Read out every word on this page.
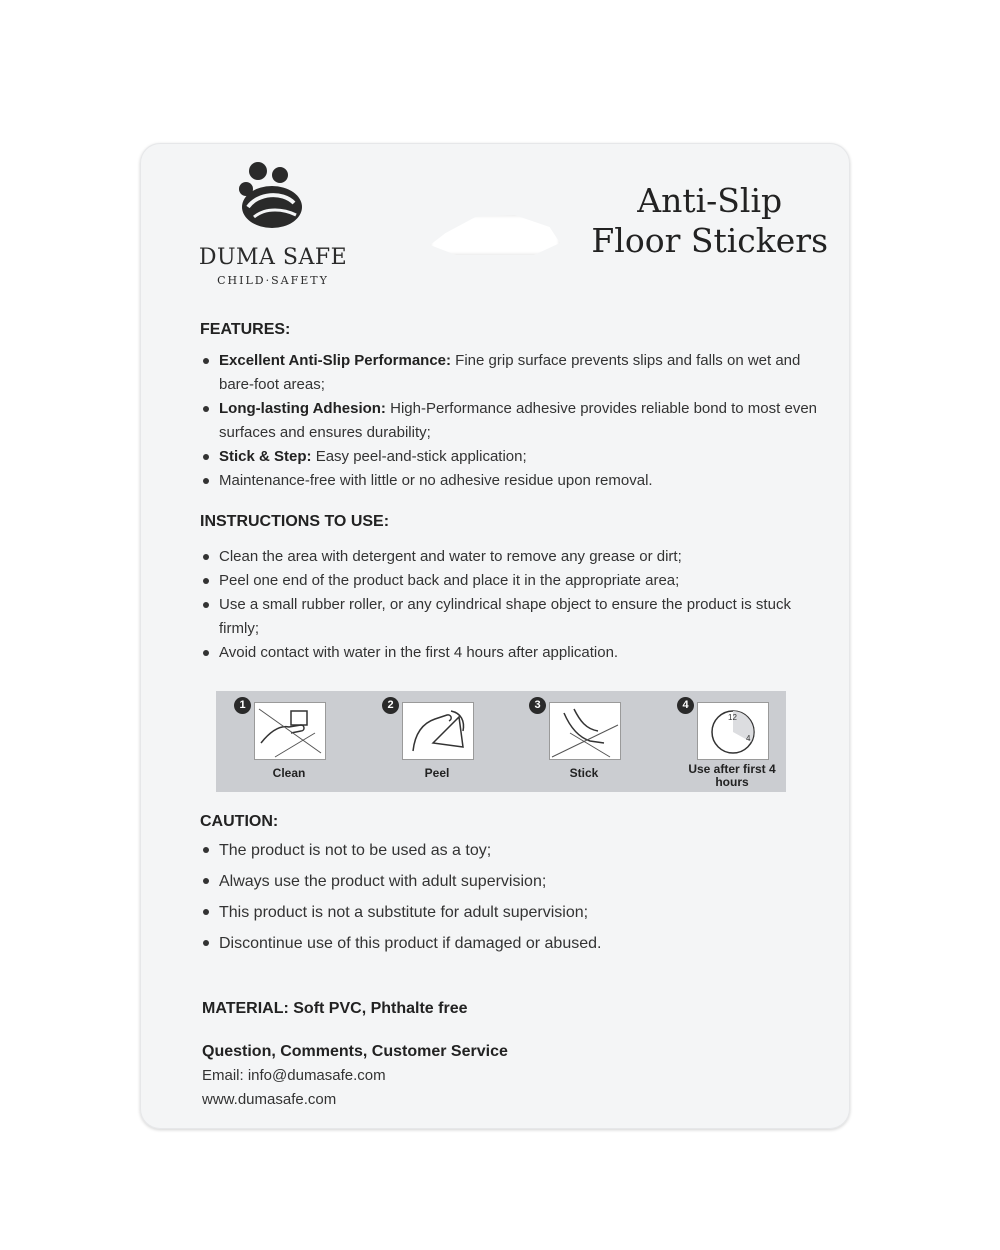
DUMA SAFE
CHILD·SAFETY
Anti-Slip
Floor Stickers
FEATURES:
Excellent Anti-Slip Performance: Fine grip surface prevents slips and falls on wet and bare-foot areas;
Long-lasting Adhesion: High-Performance adhesive provides reliable bond to most even surfaces and ensures durability;
Stick & Step: Easy peel-and-stick application;
Maintenance-free with little or no adhesive residue upon removal.
INSTRUCTIONS TO USE:
Clean the area with detergent and water to remove any grease or dirt;
Peel one end of the product back and place it in the appropriate area;
Use a small rubber roller, or any cylindrical shape object to ensure the product is stuck firmly;
Avoid contact with water in the first 4 hours after application.
1
Clean
2
Peel
3
Stick
4
12
4
Use after first 4 hours
CAUTION:
The product is not to be used as a toy;
Always use the product with adult supervision;
This product is not a substitute for adult supervision;
Discontinue use of this product if damaged or abused.
MATERIAL: Soft PVC, Phthalte free
Question, Comments, Customer Service
Email: info@dumasafe.com
www.dumasafe.com
